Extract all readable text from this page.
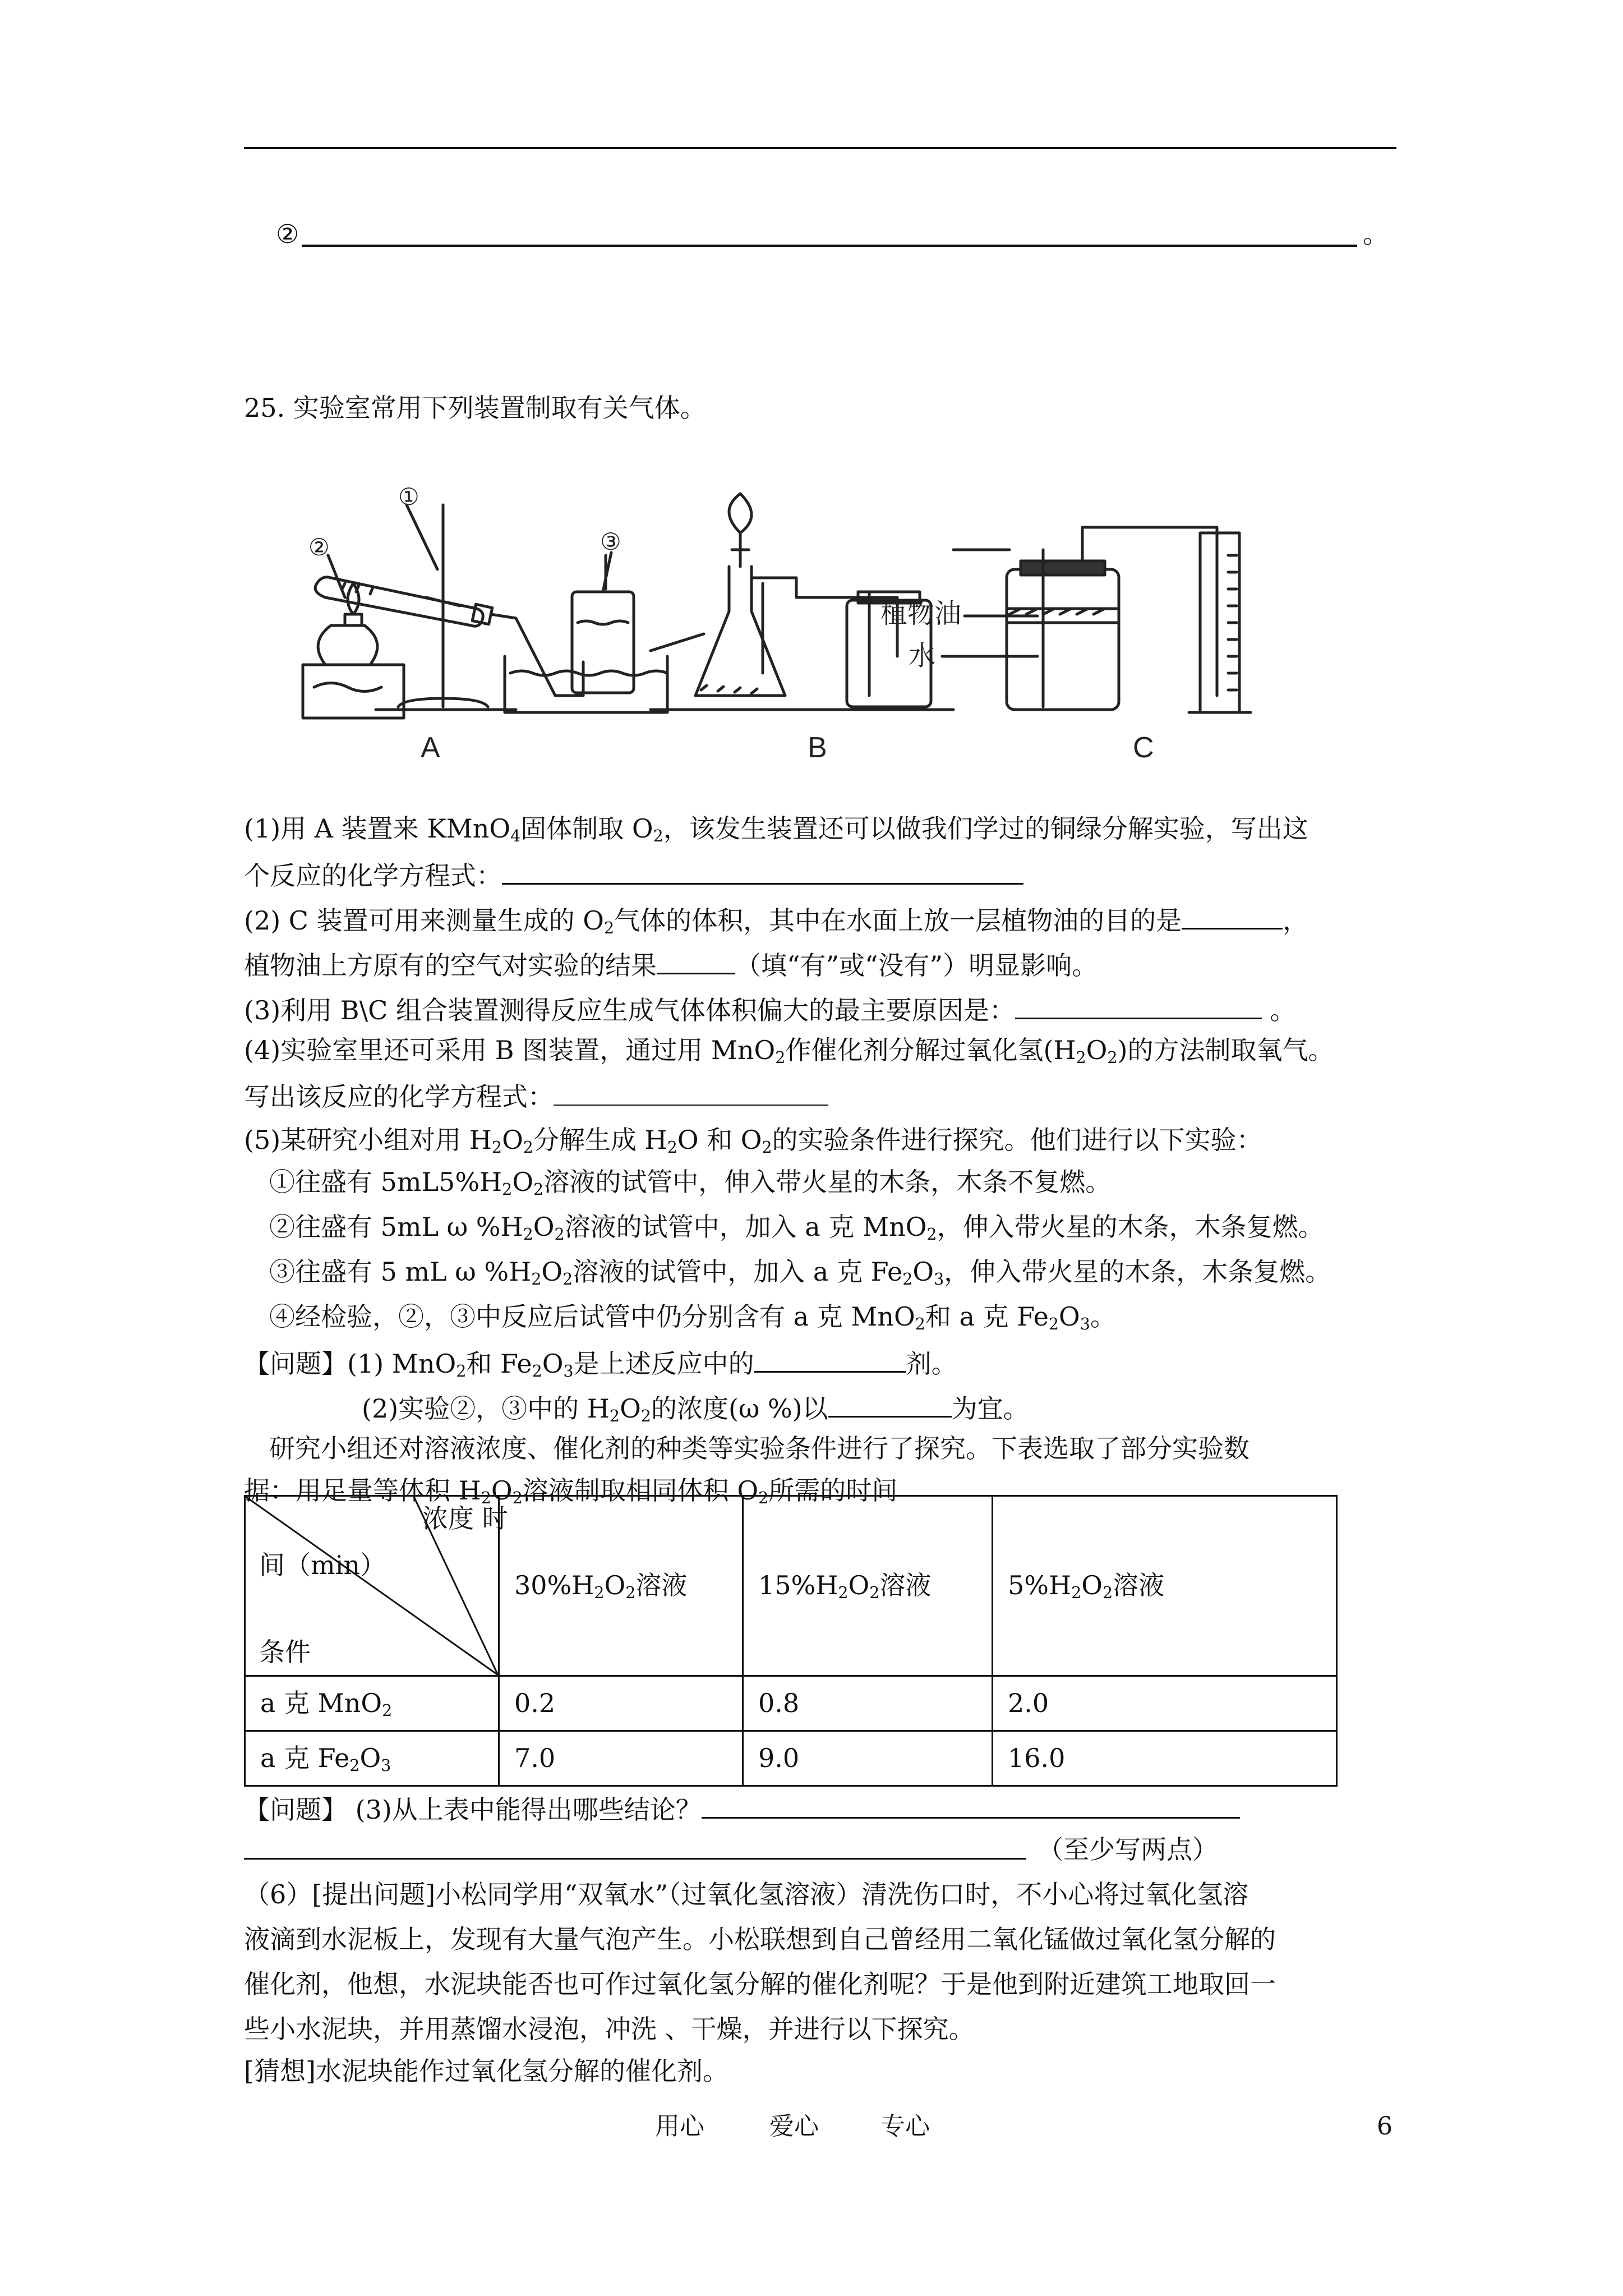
②	。
25. 实验室常用下列装置制取有关气体。
①
②	③
植物油
水
A	B	C
(1)用 A 装置来 KMnO$_4$固体制取 $O_2$，该发生装置还可以做我们学过的铜绿分解实验，写出这
个反应的化学方程式：
(2) C 装置可用来测量生成的 $O_2$气体的体积，其中在水面上放一层植物油的目的是	，
植物油上方原有的空气对实验的结果	（填“有”或“没有”）明显影响。
(3)利用 B\C 组合装置测得反应生成气体体积偏大的最主要原因是：	。
(4)实验室里还可采用 B 图装置，通过用 MnO$_2$作催化剂分解过氧化氢$(H_2O_2)$的方法制取氧气。
写出该反应的化学方程式：
(5)某研究小组对用 $H_2O_2$分解生成 $H_2O$ 和 $O_2$的实验条件进行探究。他们进行以下实验：
①往盛有 $5mL5\%H_2O_2$溶液的试管中，伸入带火星的木条，木条不复燃。
②往盛有 5mL ω $\%H_2O_2$溶液的试管中，加入 a 克 MnO$_2$，伸入带火星的木条，木条复燃。
③往盛有 5 mL ω $\%H_2O_2$溶液的试管中，加入 a 克 $Fe_2O_3$，伸入带火星的木条，木条复燃。
④经检验，②，③中反应后试管中仍分别含有 a 克 MnO$_2$和 a 克 $Fe_2O_3$。
【问题】(1) MnO$_2$和 $Fe_2O_3$是上述反应中的	剂。
(2)实验②，③中的 $H_2O_2$的浓度(ω %)以	为宜。
研究小组还对溶液浓度、催化剂的种类等实验条件进行了探究。下表选取了部分实验数
据：用足量等体积 $H_2O_2$溶液制取相同体积 $O_2$所需的时间
浓度 时
间（min）
条件	$30\%H_2O_2$溶液	$15\%H_2O_2$溶液	$5\%H_2O_2$溶液
a 克 MnO$_2$	0.2	0.8	2.0
a 克 $Fe_2O_3$	7.0	9.0	16.0
【问题】 (3)从上表中能得出哪些结论？
（至少写两点）
（6）[提出问题]小松同学用“双氧水”（过氧化氢溶液）清洗伤口时，不小心将过氧化氢溶
液滴到水泥板上，发现有大量气泡产生。小松联想到自己曾经用二氧化锰做过氧化氢分解的
催化剂，他想，水泥块能否也可作过氧化氢分解的催化剂呢？于是他到附近建筑工地取回一
些小水泥块，并用蒸馏水浸泡，冲洗 、干燥，并进行以下探究。
[猜想]水泥块能作过氧化氢分解的催化剂。
用心	爱心	专心	6
